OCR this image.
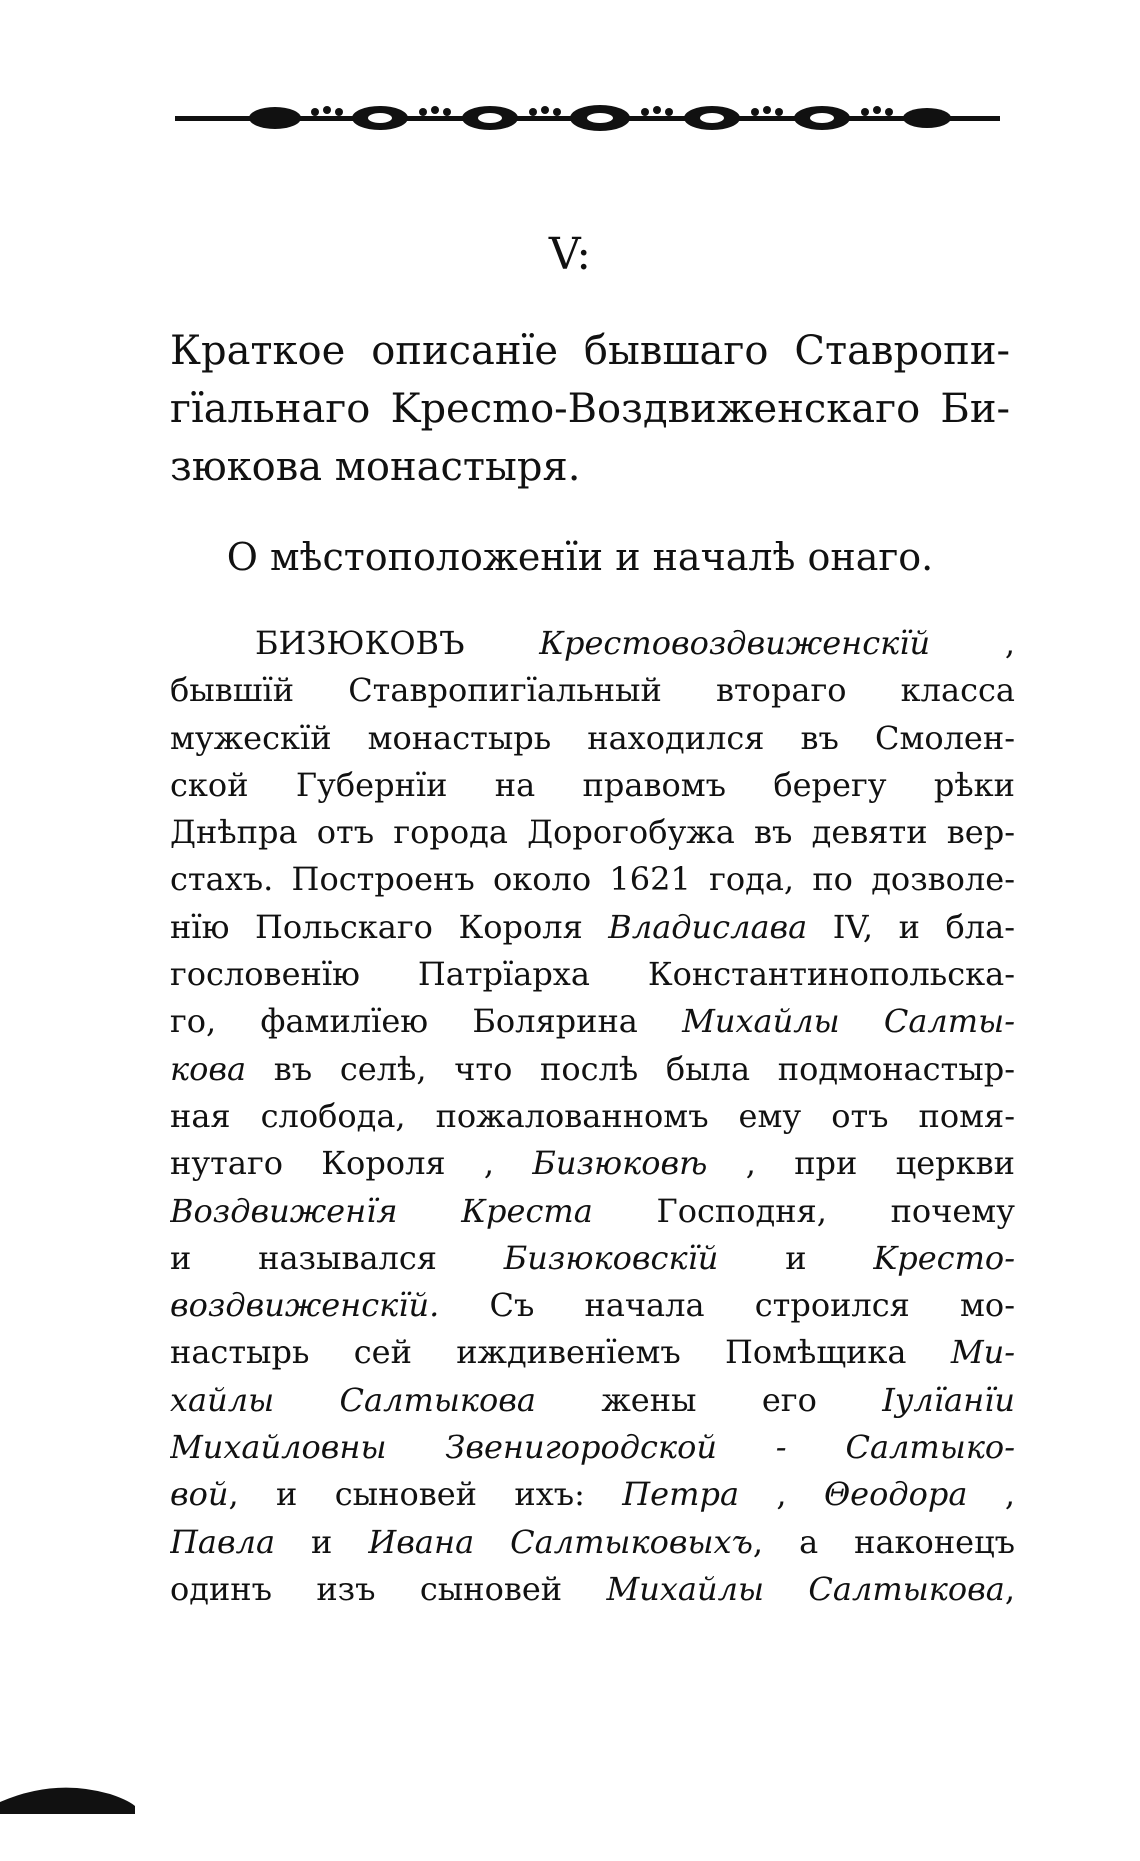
V:
Краткое описанїе бывшаго Ставропи-
гїальнаго Kpecmo-Воздвиженскаго Би-
зюкова монастыря.
О мѣстоположенїи и началѣ онаго.
БИЗЮКОВЪ Крестовоздвиженскїй ,
бывшїй Ставропигїальный втораго класса
мужескїй монастырь находился въ Смолен-
ской Губернїи на правомъ берегу рѣки
Днѣпра отъ города Дорогобужа въ девяти вер-
стахъ. Построенъ около 1621 года, по дозволе-
нїю Польскаго Короля Владислава IV, и бла-
гословенїю Патрїарха Константинопольска-
го, фамилїею Болярина Михайлы Салты-
кова въ селѣ, что послѣ была подмонастыр-
ная слобода, пожалованномъ ему отъ помя-
нутаго Короля , Бизюковѣ , при церкви
Воздвиженїя Креста Господня, почему
и назывался Бизюковскїй и Kpecmo-
воздвиженскїй. Съ начала строился мо-
настырь сей иждивенїемъ Помѣщика Ми-
хайлы Салтыкова жены его Iулїанїи
Михайловны Звенигородской - Салтыко-
вой, и сыновей ихъ: Петра , Θеодора ,
Павла и Ивана Салтыковыхъ, а наконецъ
одинъ изъ сыновей Михайлы Салтыкова,
